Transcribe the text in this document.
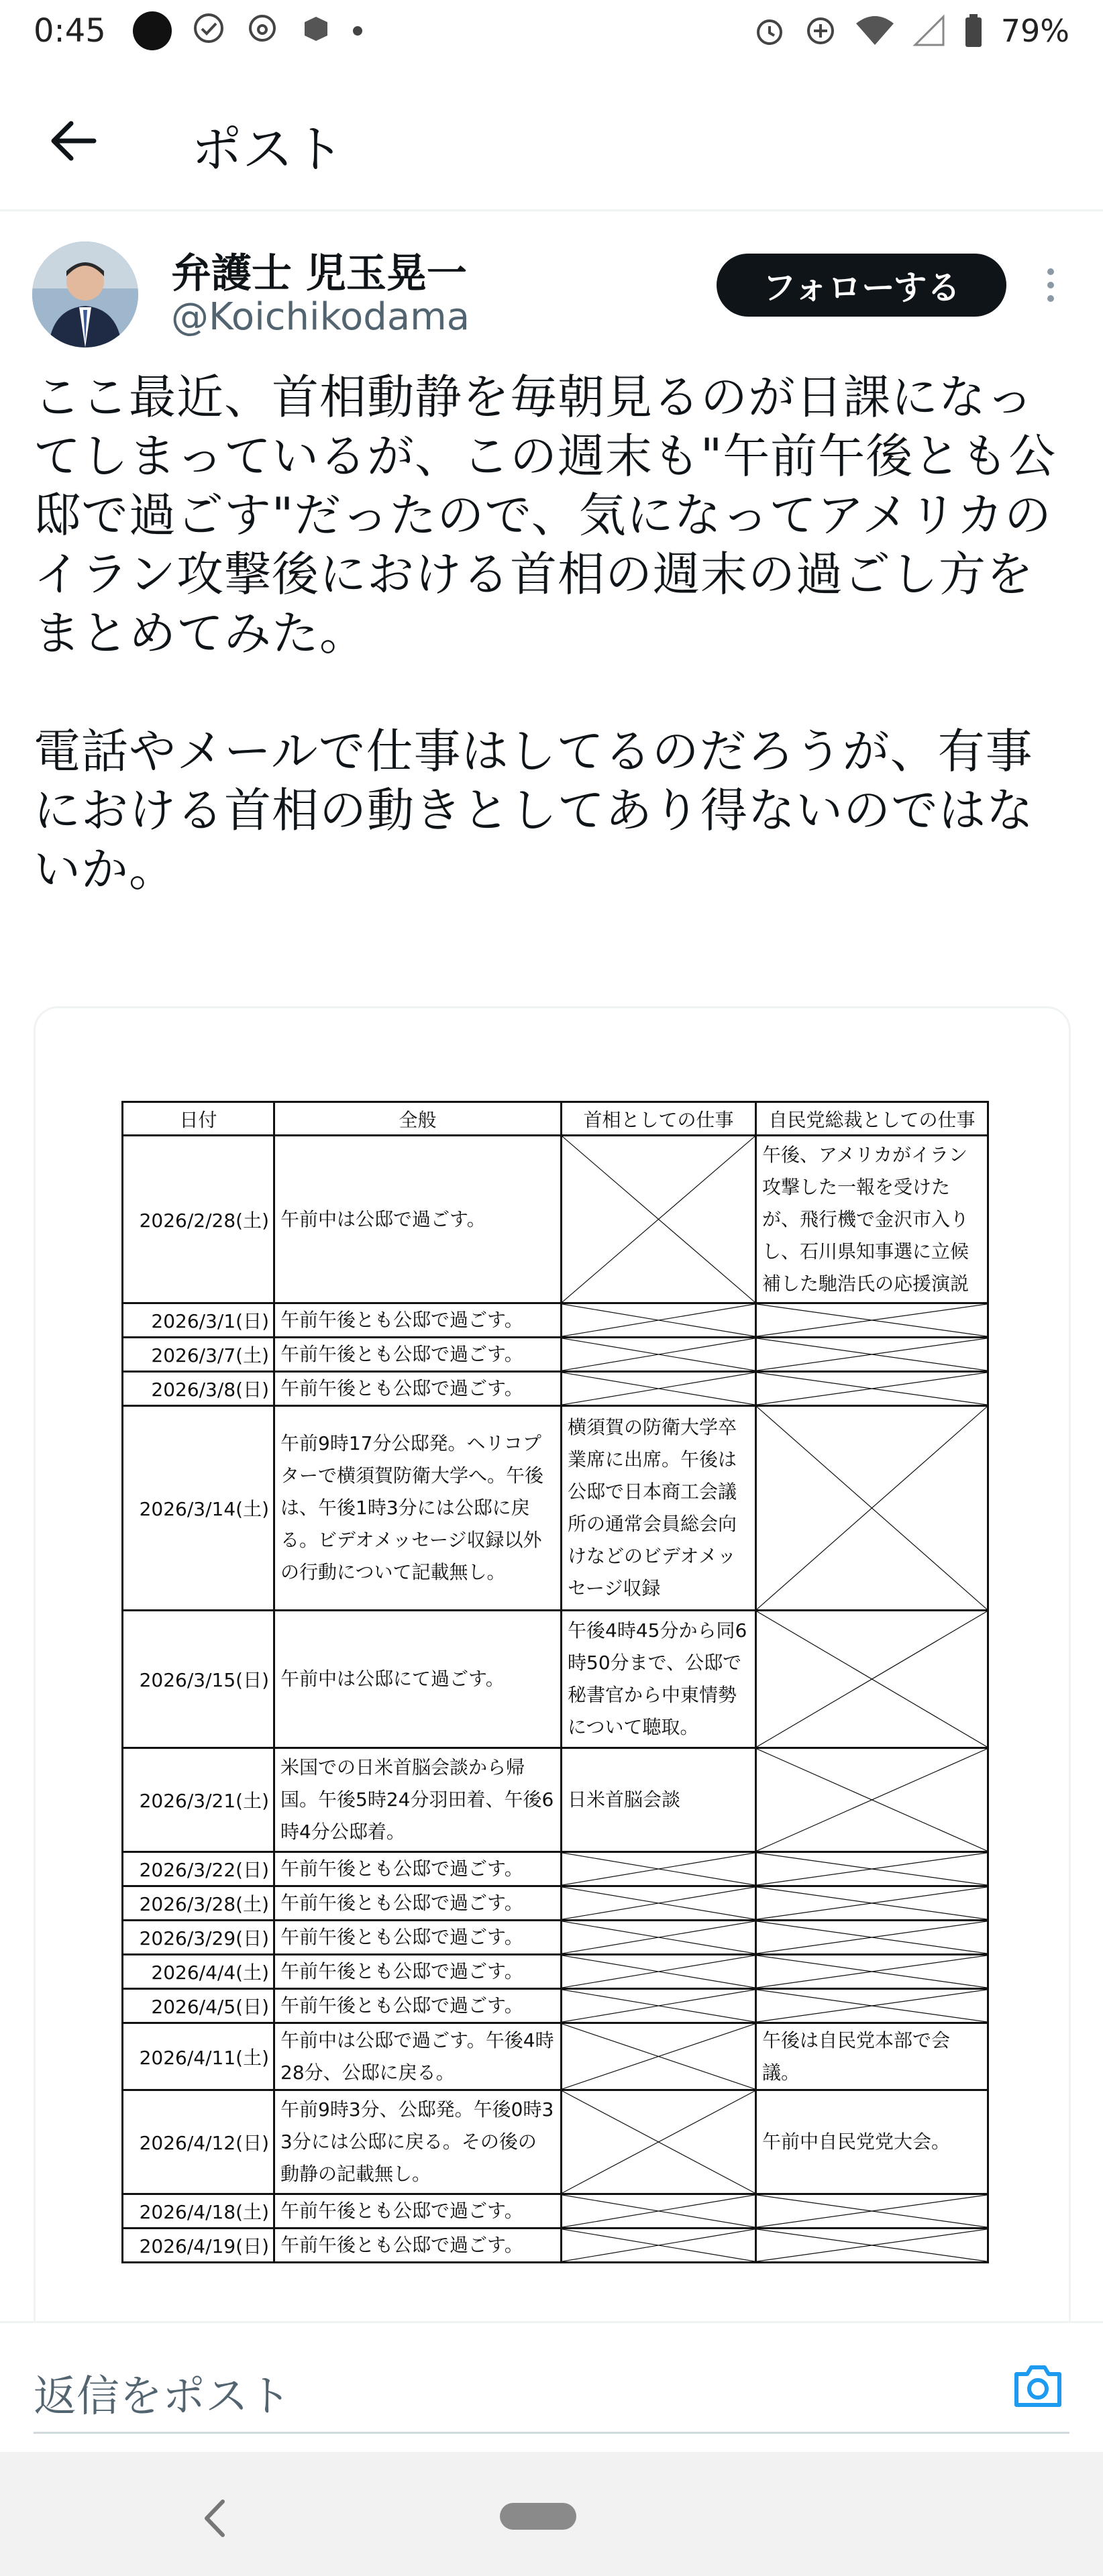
0:45	79%
ポスト
弁護士 児玉晃一
@Koichikodama
フォローする
ここ最近、首相動静を毎朝見るのが日課になってしまっているが、この週末も"午前午後とも公邸で過ごす"だったので、気になってアメリカのイラン攻撃後における首相の週末の過ごし方をまとめてみた。

電話やメールで仕事はしてるのだろうが、有事における首相の動きとしてあり得ないのではないか。
日付	全般	首相としての仕事	自民党総裁としての仕事
2026/2/28(土)	午前中は公邸で過ごす。		午後、アメリカがイラン攻撃した一報を受けたが、飛行機で金沢市入りし、石川県知事選に立候補した馳浩氏の応援演説
2026/3/1(日)	午前午後とも公邸で過ごす。	

2026/3/7(土)	午前午後とも公邸で過ごす。	

2026/3/8(日)	午前午後とも公邸で過ごす。	

2026/3/14(土)	午前9時17分公邸発。ヘリコプターで横須賀防衛大学へ。午後は、午後1時3分には公邸に戻る。ビデオメッセージ収録以外の行動について記載無し。	横須賀の防衛大学卒業席に出席。午後は公邸で日本商工会議所の通常会員総会向けなどのビデオメッセージ収録	

2026/3/15(日)	午前中は公邸にて過ごす。	午後4時45分から同6時50分まで、公邸で秘書官から中東情勢について聴取。	

2026/3/21(土)	米国での日米首脳会談から帰国。午後5時24分羽田着、午後6時4分公邸着。	日米首脳会談	

2026/3/22(日)	午前午後とも公邸で過ごす。	

2026/3/28(土)	午前午後とも公邸で過ごす。	

2026/3/29(日)	午前午後とも公邸で過ごす。	

2026/4/4(土)	午前午後とも公邸で過ごす。	

2026/4/5(日)	午前午後とも公邸で過ごす。	

2026/4/11(土)	午前中は公邸で過ごす。午後4時28分、公邸に戻る。		午後は自民党本部で会議。
2026/4/12(日)	午前9時3分、公邸発。午後0時33分には公邸に戻る。その後の動静の記載無し。		午前中自民党党大会。
2026/4/18(土)	午前午後とも公邸で過ごす。	

2026/4/19(日)	午前午後とも公邸で過ごす。	

返信をポスト
